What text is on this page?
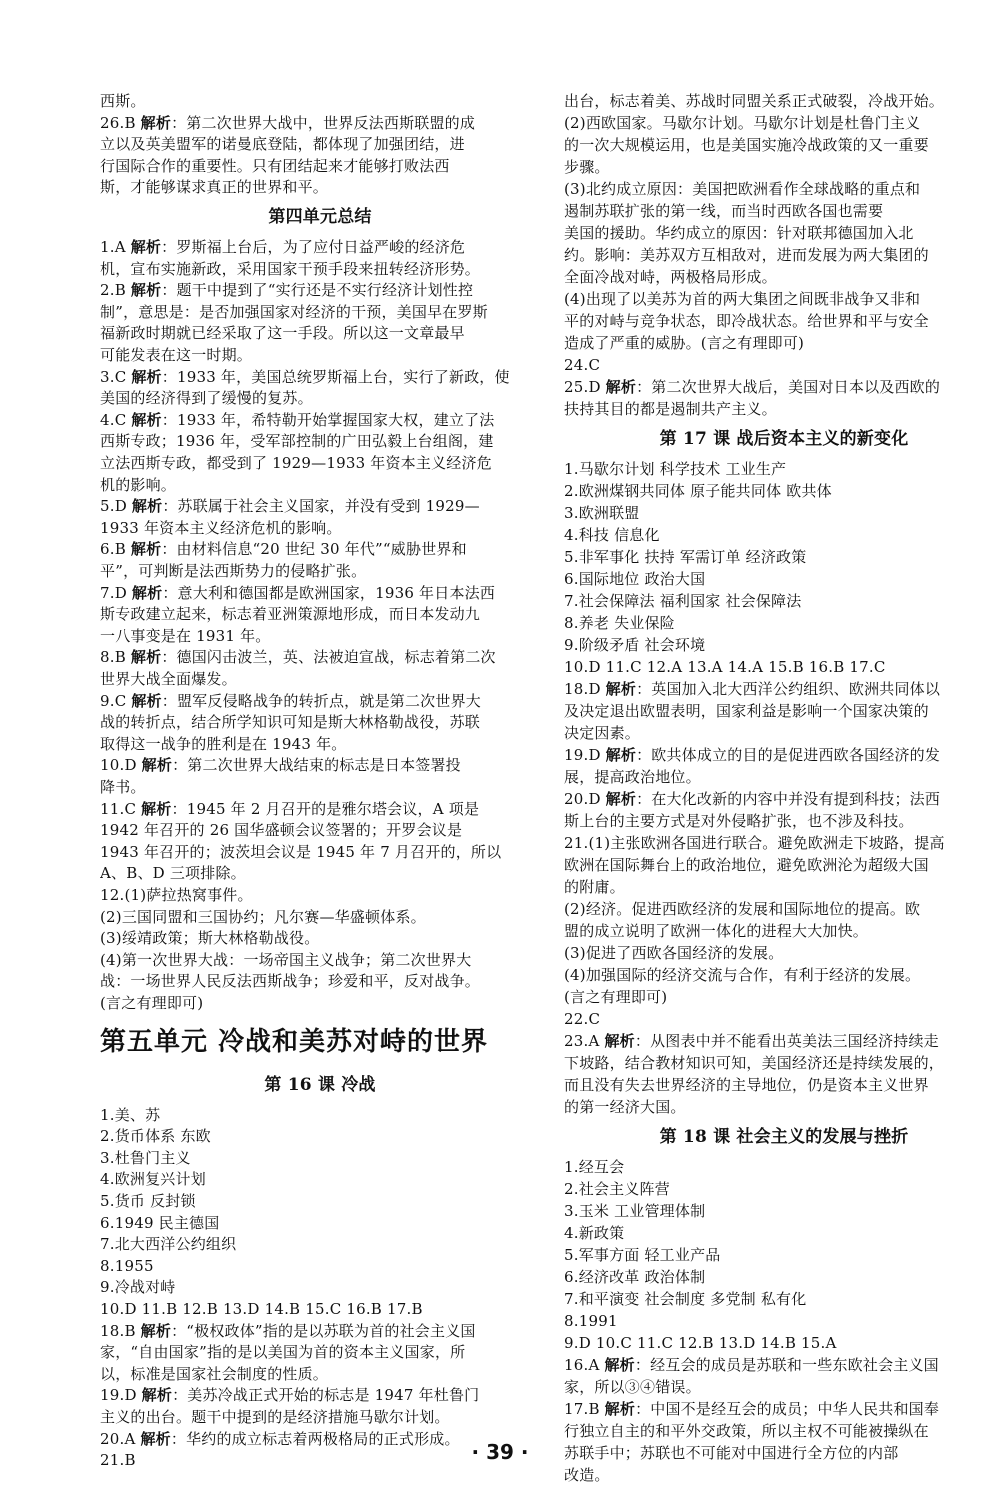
西斯。
26.B 解析：第二次世界大战中，世界反法西斯联盟的成
立以及英美盟军的诺曼底登陆，都体现了加强团结，进
行国际合作的重要性。只有团结起来才能够打败法西
斯，才能够谋求真正的世界和平。
第四单元总结
1.A 解析：罗斯福上台后，为了应付日益严峻的经济危
机，宣布实施新政，采用国家干预手段来扭转经济形势。
2.B 解析：题干中提到了“实行还是不实行经济计划性控
制”，意思是：是否加强国家对经济的干预，美国早在罗斯
福新政时期就已经采取了这一手段。所以这一文章最早
可能发表在这一时期。
3.C 解析：1933 年，美国总统罗斯福上台，实行了新政，使
美国的经济得到了缓慢的复苏。
4.C 解析：1933 年，希特勒开始掌握国家大权，建立了法
西斯专政；1936 年，受军部控制的广田弘毅上台组阁，建
立法西斯专政，都受到了 1929—1933 年资本主义经济危
机的影响。
5.D 解析：苏联属于社会主义国家，并没有受到 1929—
1933 年资本主义经济危机的影响。
6.B 解析：由材料信息“20 世纪 30 年代”“威胁世界和
平”，可判断是法西斯势力的侵略扩张。
7.D 解析：意大利和德国都是欧洲国家，1936 年日本法西
斯专政建立起来，标志着亚洲策源地形成，而日本发动九
一八事变是在 1931 年。
8.B 解析：德国闪击波兰，英、法被迫宣战，标志着第二次
世界大战全面爆发。
9.C 解析：盟军反侵略战争的转折点，就是第二次世界大
战的转折点，结合所学知识可知是斯大林格勒战役，苏联
取得这一战争的胜利是在 1943 年。
10.D 解析：第二次世界大战结束的标志是日本签署投
降书。
11.C 解析：1945 年 2 月召开的是雅尔塔会议，A 项是
1942 年召开的 26 国华盛顿会议签署的；开罗会议是
1943 年召开的；波茨坦会议是 1945 年 7 月召开的，所以
A、B、D 三项排除。
12.(1)萨拉热窝事件。
(2)三国同盟和三国协约；凡尔赛—华盛顿体系。
(3)绥靖政策；斯大林格勒战役。
(4)第一次世界大战：一场帝国主义战争；第二次世界大
战：一场世界人民反法西斯战争；珍爱和平，反对战争。
(言之有理即可)
第五单元 冷战和美苏对峙的世界
第 16 课 冷战
1.美、苏
2.货币体系 东欧
3.杜鲁门主义
4.欧洲复兴计划
5.货币 反封锁
6.1949 民主德国
7.北大西洋公约组织
8.1955
9.冷战对峙
10.D 11.B 12.B 13.D 14.B 15.C 16.B 17.B
18.B 解析：“极权政体”指的是以苏联为首的社会主义国
家，“自由国家”指的是以美国为首的资本主义国家，所
以，标准是国家社会制度的性质。
19.D 解析：美苏冷战正式开始的标志是 1947 年杜鲁门
主义的出台。题干中提到的是经济措施马歇尔计划。
20.A 解析：华约的成立标志着两极格局的正式形成。
21.B
出台，标志着美、苏战时同盟关系正式破裂，冷战开始。
(2)西欧国家。马歇尔计划。马歇尔计划是杜鲁门主义
的一次大规模运用，也是美国实施冷战政策的又一重要
步骤。
(3)北约成立原因：美国把欧洲看作全球战略的重点和
遏制苏联扩张的第一线，而当时西欧各国也需要
美国的援助。华约成立的原因：针对联邦德国加入北
约。影响：美苏双方互相敌对，进而发展为两大集团的
全面冷战对峙，两极格局形成。
(4)出现了以美苏为首的两大集团之间既非战争又非和
平的对峙与竞争状态，即冷战状态。给世界和平与安全
造成了严重的威胁。(言之有理即可)
24.C
25.D 解析：第二次世界大战后，美国对日本以及西欧的
扶持其目的都是遏制共产主义。
第 17 课 战后资本主义的新变化
1.马歇尔计划 科学技术 工业生产
2.欧洲煤钢共同体 原子能共同体 欧共体
3.欧洲联盟
4.科技 信息化
5.非军事化 扶持 军需订单 经济政策
6.国际地位 政治大国
7.社会保障法 福利国家 社会保障法
8.养老 失业保险
9.阶级矛盾 社会环境
10.D 11.C 12.A 13.A 14.A 15.B 16.B 17.C
18.D 解析：英国加入北大西洋公约组织、欧洲共同体以
及决定退出欧盟表明，国家利益是影响一个国家决策的
决定因素。
19.D 解析：欧共体成立的目的是促进西欧各国经济的发
展，提高政治地位。
20.D 解析：在大化改新的内容中并没有提到科技；法西
斯上台的主要方式是对外侵略扩张，也不涉及科技。
21.(1)主张欧洲各国进行联合。避免欧洲走下坡路，提高
欧洲在国际舞台上的政治地位，避免欧洲沦为超级大国
的附庸。
(2)经济。促进西欧经济的发展和国际地位的提高。欧
盟的成立说明了欧洲一体化的进程大大加快。
(3)促进了西欧各国经济的发展。
(4)加强国际的经济交流与合作，有利于经济的发展。
(言之有理即可)
22.C
23.A 解析：从图表中并不能看出英美法三国经济持续走
下坡路，结合教材知识可知，美国经济还是持续发展的，
而且没有失去世界经济的主导地位，仍是资本主义世界
的第一经济大国。
第 18 课 社会主义的发展与挫折
1.经互会
2.社会主义阵营
3.玉米 工业管理体制
4.新政策
5.军事方面 轻工业产品
6.经济改革 政治体制
7.和平演变 社会制度 多党制 私有化
8.1991
9.D 10.C 11.C 12.B 13.D 14.B 15.A
16.A 解析：经互会的成员是苏联和一些东欧社会主义国
家，所以③④错误。
17.B 解析：中国不是经互会的成员；中华人民共和国奉
行独立自主的和平外交政策，所以主权不可能被操纵在
苏联手中；苏联也不可能对中国进行全方位的内部
改造。
· 39 ·
